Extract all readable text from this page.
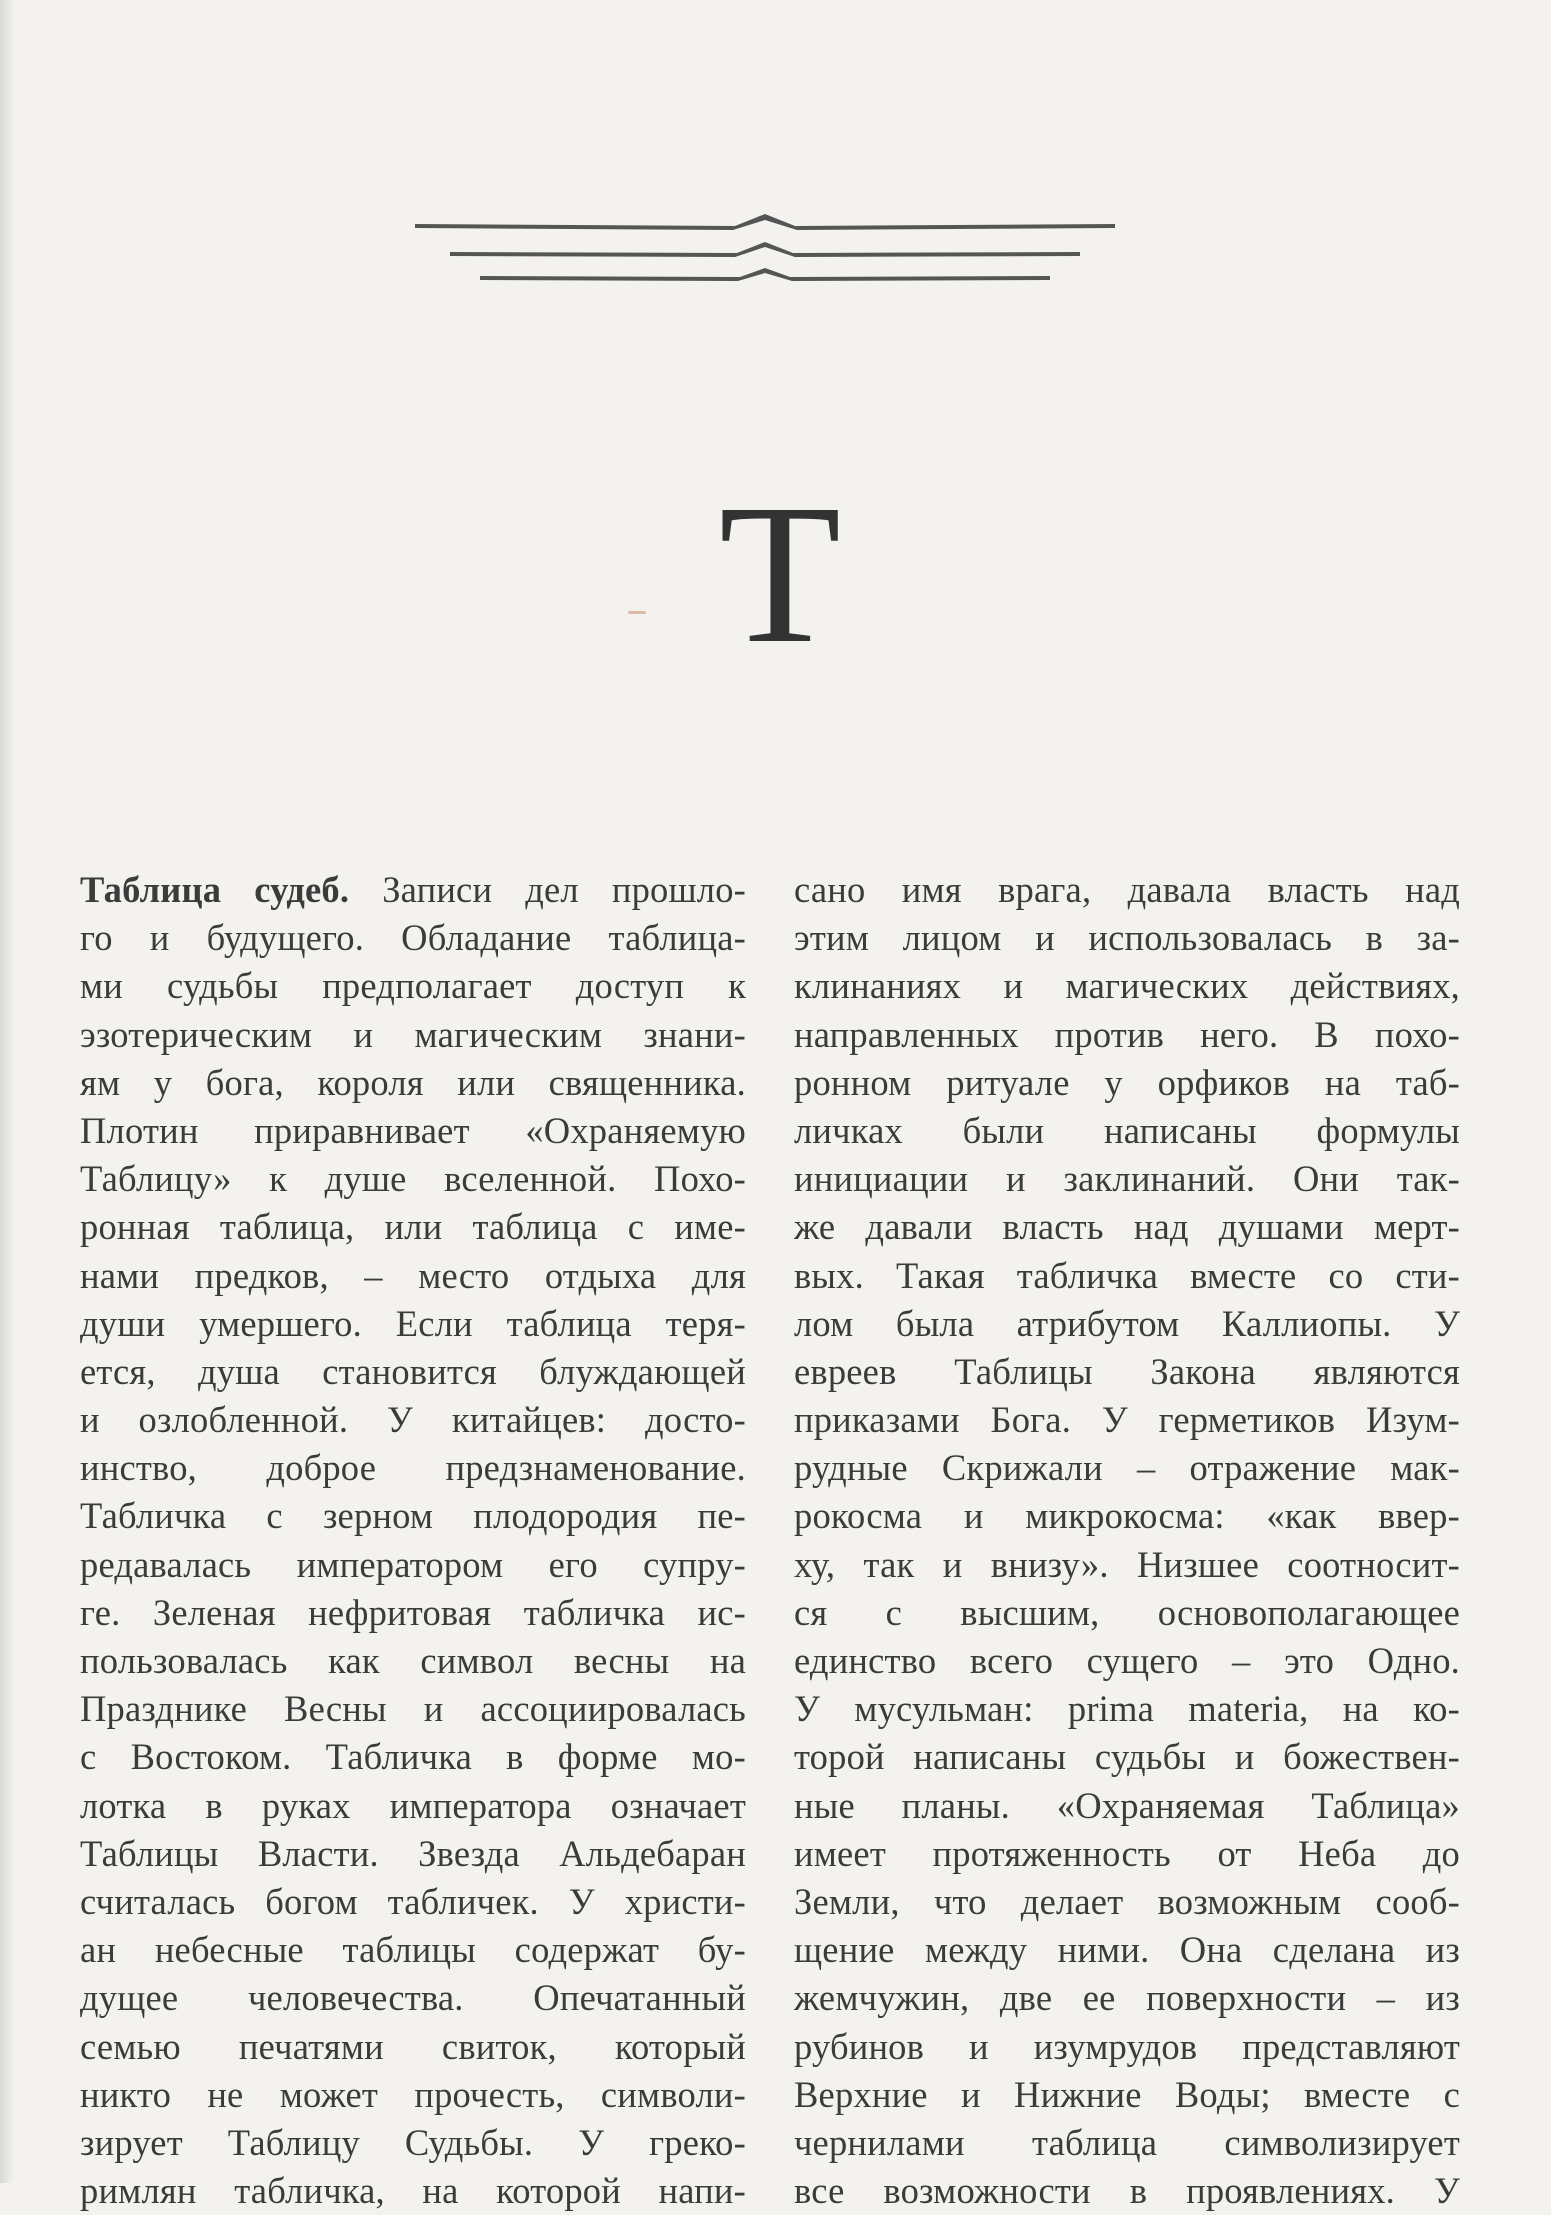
Т
Таблица судеб. Записи дел прошло-
го и будущего. Обладание таблица-
ми судьбы предполагает доступ к
эзотерическим и магическим знани-
ям у бога, короля или священника.
Плотин приравнивает «Охраняемую
Таблицу» к душе вселенной. Похо-
ронная таблица, или таблица с име-
нами предков, – место отдыха для
души умершего. Если таблица теря-
ется, душа становится блуждающей
и озлобленной. У китайцев: досто-
инство, доброе предзнаменование.
Табличка с зерном плодородия пе-
редавалась императором его супру-
ге. Зеленая нефритовая табличка ис-
пользовалась как символ весны на
Празднике Весны и ассоциировалась
с Востоком. Табличка в форме мо-
лотка в руках императора означает
Таблицы Власти. Звезда Альдебаран
считалась богом табличек. У христи-
ан небесные таблицы содержат бу-
дущее человечества. Опечатанный
семью печатями свиток, который
никто не может прочесть, символи-
зирует Таблицу Судьбы. У греко-
римлян табличка, на которой напи-
сано имя врага, давала власть над
этим лицом и использовалась в за-
клинаниях и магических действиях,
направленных против него. В похо-
ронном ритуале у орфиков на таб-
личках были написаны формулы
инициации и заклинаний. Они так-
же давали власть над душами мерт-
вых. Такая табличка вместе со сти-
лом была атрибутом Каллиопы. У
евреев Таблицы Закона являются
приказами Бога. У герметиков Изум-
рудные Скрижали – отражение мак-
рокосма и микрокосма: «как ввер-
ху, так и внизу». Низшее соотносит-
ся с высшим, основополагающее
единство всего сущего – это Одно.
У мусульман: prima materia, на ко-
торой написаны судьбы и божествен-
ные планы. «Охраняемая Таблица»
имеет протяженность от Неба до
Земли, что делает возможным сооб-
щение между ними. Она сделана из
жемчужин, две ее поверхности – из
рубинов и изумрудов представляют
Верхние и Нижние Воды; вместе с
чернилами таблица символизирует
все возможности в проявлениях. У
